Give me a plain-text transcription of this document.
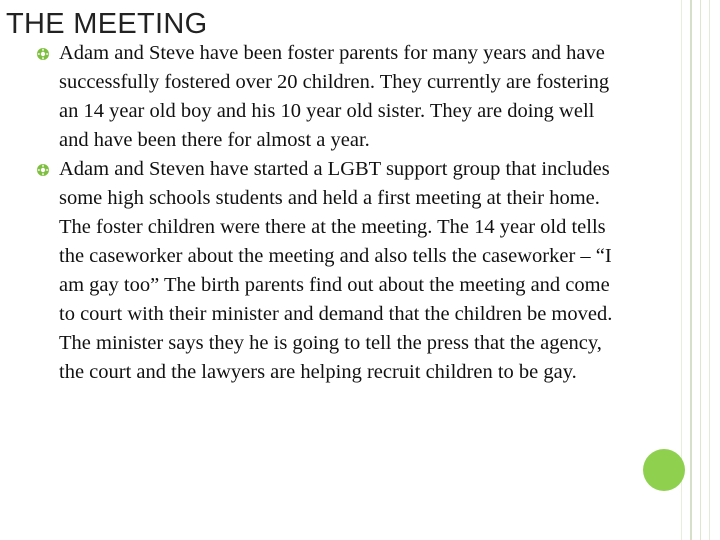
THE MEETING
Adam and Steve have been foster parents for many years and have successfully fostered over 20 children. They currently are fostering an 14 year old boy and his 10 year old sister. They are doing well and have been there for almost a year.
Adam and Steven have started a LGBT support group that includes some high schools students and held a first meeting at their home. The foster children were there at the meeting. The 14 year old tells the caseworker about the meeting and also tells the caseworker – “I am gay too” The birth parents find out about the meeting and come to court with their minister and demand that the children be moved. The minister says they he is going to tell the press that the agency, the court and the lawyers are helping recruit children to be gay.
